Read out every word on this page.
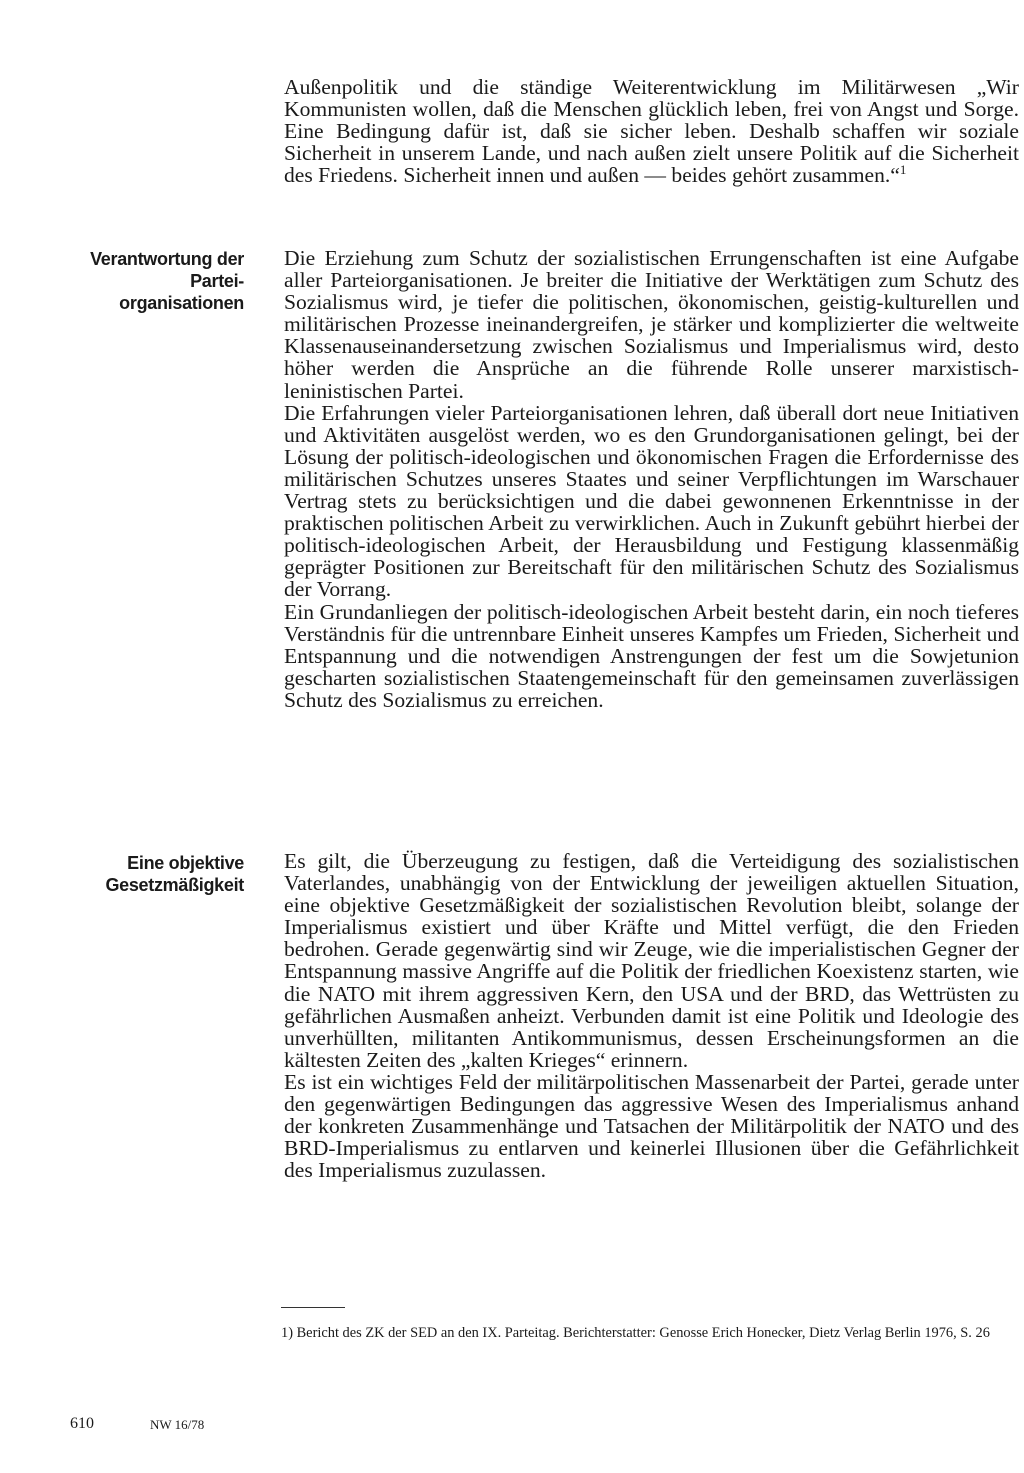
Außenpolitik und die ständige Weiterentwicklung im Militärwesen „Wir Kommunisten wollen, daß die Menschen glücklich leben, frei von Angst und Sorge. Eine Bedingung dafür ist, daß sie sicher leben. Deshalb schaffen wir soziale Sicherheit in unserem Lande, und nach außen zielt unsere Politik auf die Sicherheit des Friedens. Sicherheit innen und außen — beides gehört zusammen.“$^1$

Verantwortung der
Partei-
organisationen

Die Erziehung zum Schutz der sozialistischen Errungenschaften ist eine Aufgabe aller Parteiorganisationen. Je breiter die Initiative der Werktätigen zum Schutz des Sozialismus wird, je tiefer die politischen, ökonomischen, geistig-kulturellen und militärischen Prozesse ineinandergreifen, je stärker und komplizierter die weltweite Klassenauseinandersetzung zwischen Sozialismus und Imperialismus wird, desto höher werden die Ansprüche an die führende Rolle unserer marxistisch-leninistischen Partei.

Die Erfahrungen vieler Parteiorganisationen lehren, daß überall dort neue Initiativen und Aktivitäten ausgelöst werden, wo es den Grundorganisationen gelingt, bei der Lösung der politisch-ideologischen und ökonomischen Fragen die Erfordernisse des militärischen Schutzes unseres Staates und seiner Verpflichtungen im Warschauer Vertrag stets zu berücksichtigen und die dabei gewonnenen Erkenntnisse in der praktischen politischen Arbeit zu verwirklichen. Auch in Zukunft gebührt hierbei der politisch-ideologischen Arbeit, der Herausbildung und Festigung klassenmäßig geprägter Positionen zur Bereitschaft für den militärischen Schutz des Sozialismus der Vorrang.

Ein Grundanliegen der politisch-ideologischen Arbeit besteht darin, ein noch tieferes Verständnis für die untrennbare Einheit unseres Kampfes um Frieden, Sicherheit und Entspannung und die notwendigen Anstrengungen der fest um die Sowjetunion gescharten sozialistischen Staatengemeinschaft für den gemeinsamen zuverlässigen Schutz des Sozialismus zu erreichen.

Eine objektive
Gesetzmäßigkeit

Es gilt, die Überzeugung zu festigen, daß die Verteidigung des sozialistischen Vaterlandes, unabhängig von der Entwicklung der jeweiligen aktuellen Situation, eine objektive Gesetzmäßigkeit der sozialistischen Revolution bleibt, solange der Imperialismus existiert und über Kräfte und Mittel verfügt, die den Frieden bedrohen. Gerade gegenwärtig sind wir Zeuge, wie die imperialistischen Gegner der Entspannung massive Angriffe auf die Politik der friedlichen Koexistenz starten, wie die NATO mit ihrem aggressiven Kern, den USA und der BRD, das Wettrüsten zu gefährlichen Ausmaßen anheizt. Verbunden damit ist eine Politik und Ideologie des unverhüllten, militanten Antikommunismus, dessen Erscheinungsformen an die kältesten Zeiten des „kalten Krieges“ erinnern.

Es ist ein wichtiges Feld der militärpolitischen Massenarbeit der Partei, gerade unter den gegenwärtigen Bedingungen das aggressive Wesen des Imperialismus anhand der konkreten Zusammenhänge und Tatsachen der Militärpolitik der NATO und des BRD-Imperialismus zu entlarven und keinerlei Illusionen über die Gefährlichkeit des Imperialismus zuzulassen.

1) Bericht des ZK der SED an den IX. Parteitag. Berichterstatter: Genosse Erich Honecker, Dietz Verlag Berlin 1976, S. 26
610	NW 16/78
